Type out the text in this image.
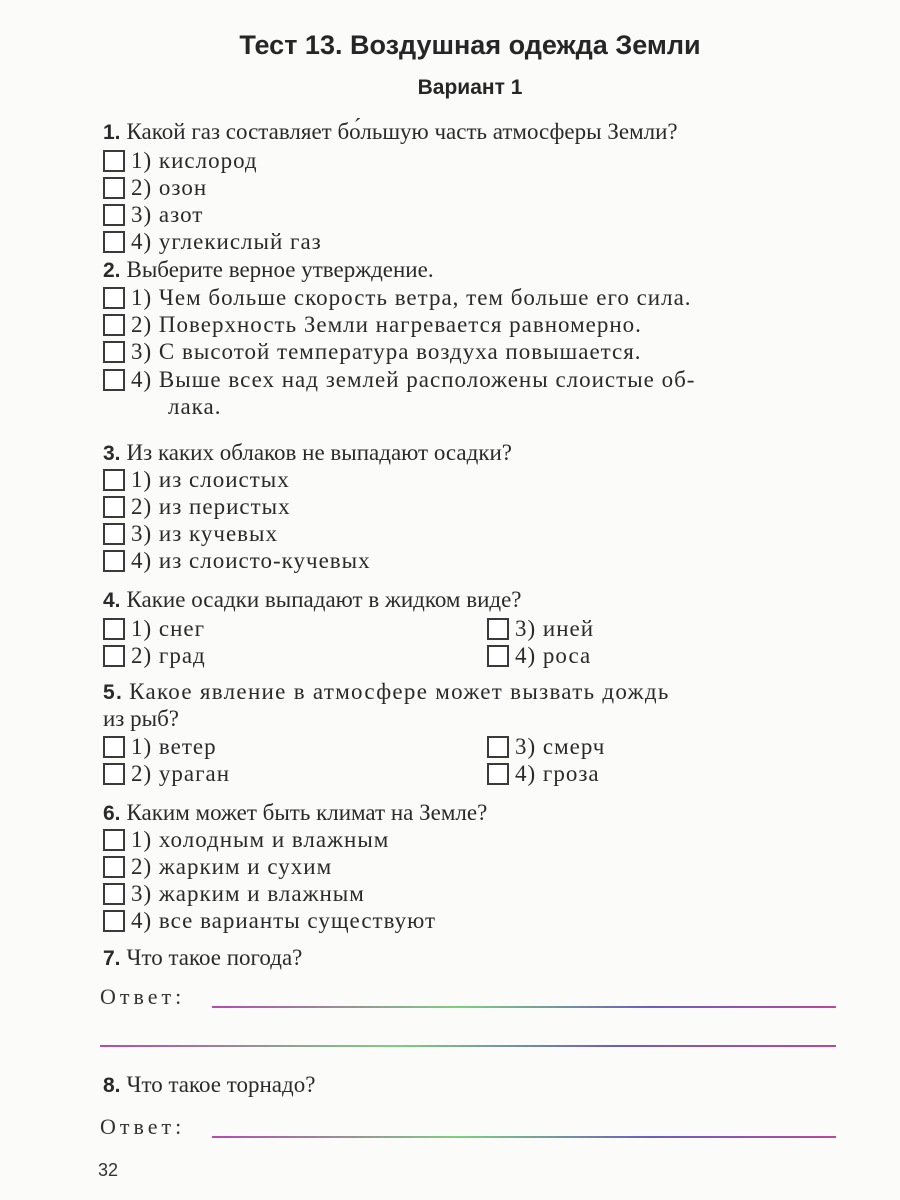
Тест 13. Воздушная одежда Земли
Вариант 1
1. Какой газ составляет бо́льшую часть атмосферы Земли?
1) кислород
2) озон
3) азот
4) углекислый газ
2. Выберите верное утверждение.
1) Чем больше скорость ветра, тем больше его сила.
2) Поверхность Земли нагревается равномерно.
3) С высотой температура воздуха повышается.
4) Выше всех над землей расположены слоистые об-
лака.
3. Из каких облаков не выпадают осадки?
1) из слоистых
2) из перистых
3) из кучевых
4) из слоисто-кучевых
4. Какие осадки выпадают в жидком виде?
1) снег
2) град
3) иней
4) роса
5. Какое явление в атмосфере может вызвать дождь
из рыб?
1) ветер
2) ураган
3) смерч
4) гроза
6. Каким может быть климат на Земле?
1) холодным и влажным
2) жарким и сухим
3) жарким и влажным
4) все варианты существуют
7. Что такое погода?
8. Что такое торнадо?
Ответ:
Ответ:
32
